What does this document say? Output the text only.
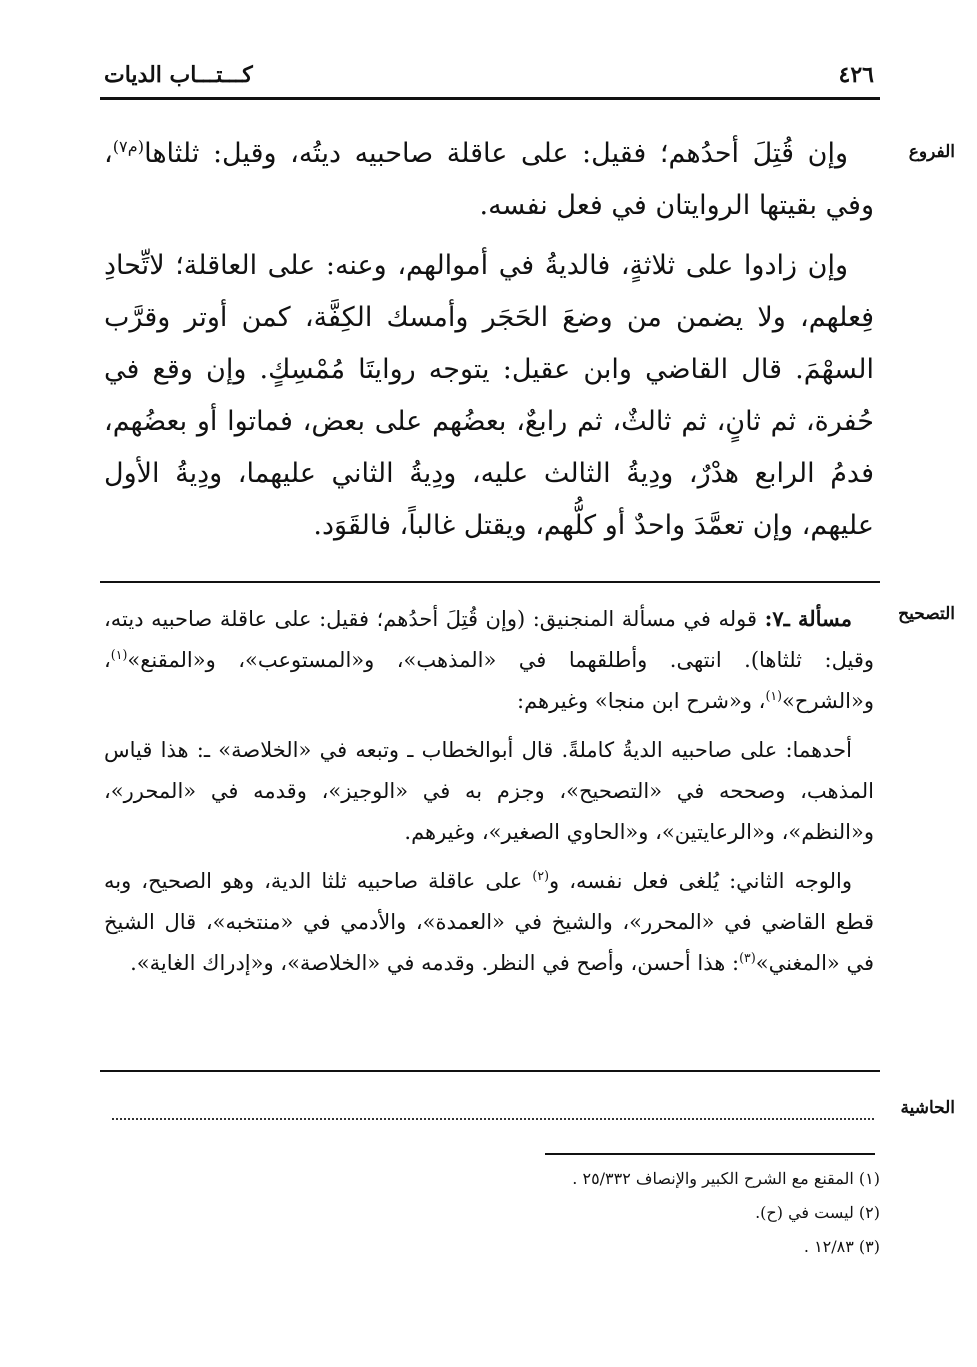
٤٢٦
كـــتـــاب الديات
الفروع

وإن قُتِلَ أحدُهم؛ فقيل: على عاقلة صاحبيه ديتُه، وقيل: ثلثاها$^{(م٧)}$، وفي بقيتها الروايتان في فعل نفسه.

وإن زادوا على ثلاثةٍ، فالديةُ في أموالهم، وعنه: على العاقلة؛ لاتِّحادِ فِعلهم، ولا يضمن من وضعَ الحَجَر وأمسك الكِفَّة، كمن أوتر وقرَّب السهْمَ. قال القاضي وابن عقيل: يتوجه روايتَا مُمْسِكٍ. وإن وقع في حُفرة، ثم ثانٍ، ثم ثالثٌ، ثم رابعٌ، بعضُهم على بعض، فماتوا أو بعضُهم، فدمُ الرابع هدْرٌ، ودِيةُ الثالث عليه، ودِيةُ الثاني عليهما، ودِيةُ الأول عليهم، وإن تعمَّدَ واحدٌ أو كلُّهم، ويقتل غالباً، فالقَوَد.

التصحيح

مسألة ـ٧: قوله في مسألة المنجنيق: (وإن قُتِلَ أحدُهم؛ فقيل: على عاقلة صاحبيه ديته، وقيل: ثلثاها). انتهى. وأطلقهما في «المذهب»، و«المستوعب»، و«المقنع»$^{(١)}$، و«الشرح»$^{(١)}$، و«شرح ابن منجا» وغيرهم:

أحدهما: على صاحبيه الديةُ كاملةً. قال أبوالخطاب ـ وتبعه في «الخلاصة» ـ: هذا قياس المذهب، وصححه في «التصحيح»، وجزم به في «الوجيز»، وقدمه في «المحرر»، و«النظم»، و«الرعايتين»، و«الحاوي الصغير»، وغيرهم.

والوجه الثاني: يُلغى فعل نفسه، و$^{(٢)}$ على عاقلة صاحبيه ثلثا الدية، وهو الصحيح، وبه قطع القاضي في «المحرر»، والشيخ في «العمدة»، والأدمي في «منتخبه»، قال الشيخ في «المغني»$^{(٣)}$: هذا أحسن، وأصح في النظر. وقدمه في «الخلاصة»، و«إدراك الغاية».

الحاشية
(١) المقنع مع الشرح الكبير والإنصاف ٢٥/٣٣٢ .
(٢) ليست في (ح).
(٣) ١٢/٨٣ .
